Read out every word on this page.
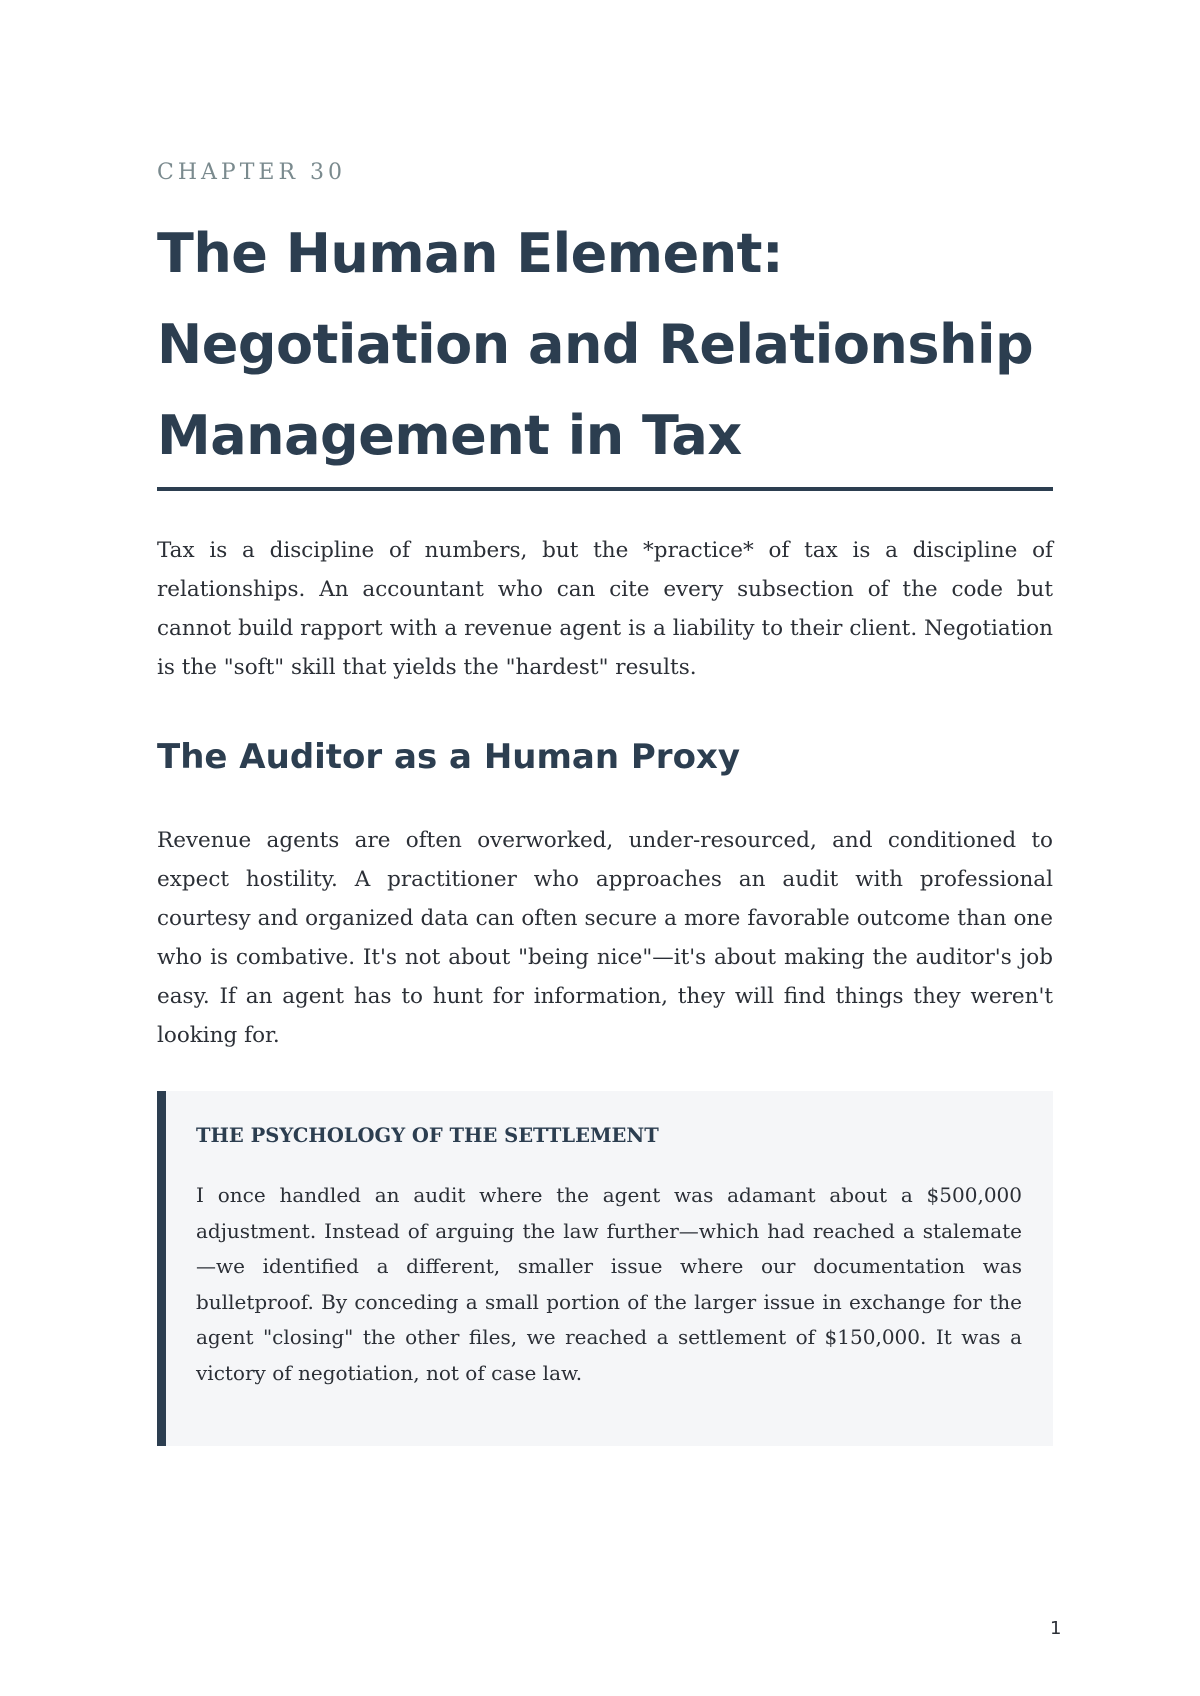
CHAPTER 30

The Human Element: Negotiation and Relationship Management in Tax

Tax is a discipline of numbers, but the *practice* of tax is a discipline of relationships. An accountant who can cite every subsection of the code but cannot build rapport with a revenue agent is a liability to their client. Negotiation is the "soft" skill that yields the "hardest" results.

The Auditor as a Human Proxy

Revenue agents are often overworked, under-resourced, and conditioned to expect hostility. A practitioner who approaches an audit with professional courtesy and organized data can often secure a more favorable outcome than one who is combative. It's not about "being nice"—it's about making the auditor's job easy. If an agent has to hunt for information, they will find things they weren't looking for.

THE PSYCHOLOGY OF THE SETTLEMENT

I once handled an audit where the agent was adamant about a $500,000 adjustment. Instead of arguing the law further—which had reached a stalemate—we identified a different, smaller issue where our documentation was bulletproof. By conceding a small portion of the larger issue in exchange for the agent "closing" the other files, we reached a settlement of $150,000. It was a victory of negotiation, not of case law.

1
